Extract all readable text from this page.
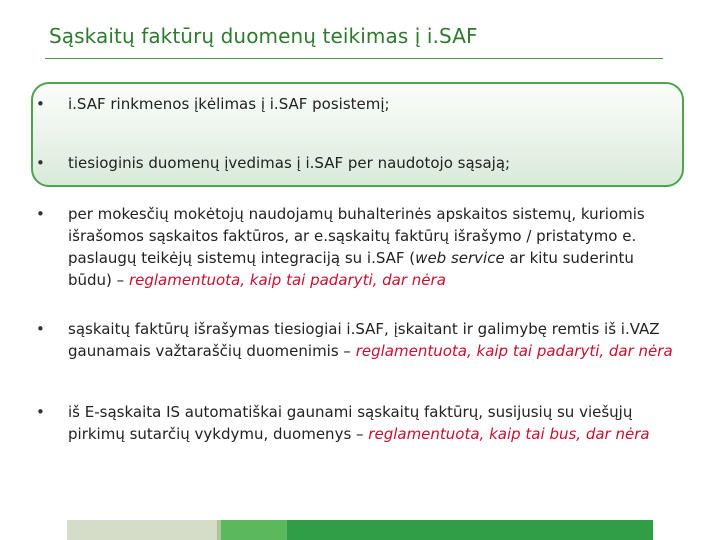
Sąskaitų faktūrų duomenų teikimas į i.SAF
• i.SAF rinkmenos įkėlimas į i.SAF posistemį;
• tiesioginis duomenų įvedimas į i.SAF per naudotojo sąsają;
• per mokesčių mokėtojų naudojamų buhalterinės apskaitos sistemų, kuriomis išrašomos sąskaitos faktūros, ar e.sąskaitų faktūrų išrašymo / pristatymo e. paslaugų teikėjų sistemų integraciją su i.SAF (web service ar kitu suderintu būdu) – reglamentuota, kaip tai padaryti, dar nėra
• sąskaitų faktūrų išrašymas tiesiogiai i.SAF, įskaitant ir galimybę remtis iš i.VAZ gaunamais važtaraščių duomenimis – reglamentuota, kaip tai padaryti, dar nėra
• iš E-sąskaita IS automatiškai gaunami sąskaitų faktūrų, susijusių su viešųjų pirkimų sutarčių vykdymu, duomenys – reglamentuota, kaip tai bus, dar nėra
